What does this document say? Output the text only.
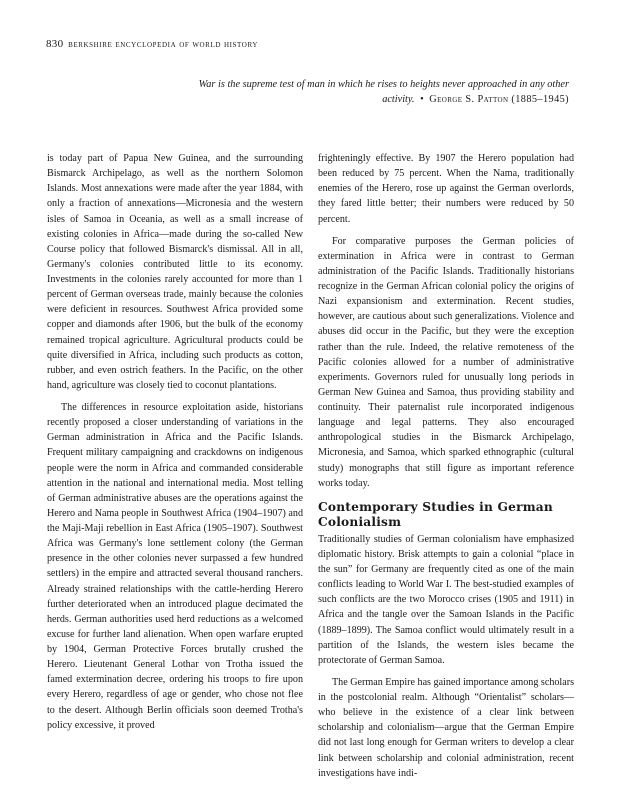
830 berkshire encyclopedia of world history
War is the supreme test of man in which he rises to heights never approached in any other activity. • George S. Patton (1885–1945)

is today part of Papua New Guinea, and the surrounding Bismarck Archipelago, as well as the northern Solomon Islands. Most annexations were made after the year 1884, with only a fraction of annexations—Micronesia and the western isles of Samoa in Oceania, as well as a small increase of existing colonies in Africa—made during the so-called New Course policy that followed Bismarck's dismissal. All in all, Germany's colonies contributed little to its economy. Investments in the colonies rarely accounted for more than 1 percent of German overseas trade, mainly because the colonies were deficient in resources. Southwest Africa provided some copper and diamonds after 1906, but the bulk of the economy remained tropical agriculture. Agricultural products could be quite diversified in Africa, including such products as cotton, rubber, and even ostrich feathers. In the Pacific, on the other hand, agriculture was closely tied to coconut plantations.

The differences in resource exploitation aside, historians recently proposed a closer understanding of variations in the German administration in Africa and the Pacific Islands. Frequent military campaigning and crackdowns on indigenous people were the norm in Africa and commanded considerable attention in the national and international media. Most telling of German administrative abuses are the operations against the Herero and Nama people in Southwest Africa (1904–1907) and the Maji-Maji rebellion in East Africa (1905–1907). Southwest Africa was Germany's lone settlement colony (the German presence in the other colonies never surpassed a few hundred settlers) in the empire and attracted several thousand ranchers. Already strained relationships with the cattle-herding Herero further deteriorated when an introduced plague decimated the herds. German authorities used herd reductions as a welcomed excuse for further land alienation. When open warfare erupted by 1904, German Protective Forces brutally crushed the Herero. Lieutenant General Lothar von Trotha issued the famed extermination decree, ordering his troops to fire upon every Herero, regardless of age or gender, who chose not flee to the desert. Although Berlin officials soon deemed Trotha's policy excessive, it proved

frighteningly effective. By 1907 the Herero population had been reduced by 75 percent. When the Nama, traditionally enemies of the Herero, rose up against the German overlords, they fared little better; their numbers were reduced by 50 percent.

For comparative purposes the German policies of extermination in Africa were in contrast to German administration of the Pacific Islands. Traditionally historians recognize in the German African colonial policy the origins of Nazi expansionism and extermination. Recent studies, however, are cautious about such generalizations. Violence and abuses did occur in the Pacific, but they were the exception rather than the rule. Indeed, the relative remoteness of the Pacific colonies allowed for a number of administrative experiments. Governors ruled for unusually long periods in German New Guinea and Samoa, thus providing stability and continuity. Their paternalist rule incorporated indigenous language and legal patterns. They also encouraged anthropological studies in the Bismarck Archipelago, Micronesia, and Samoa, which sparked ethnographic (cultural study) monographs that still figure as important reference works today.

Contemporary Studies in German Colonialism

Traditionally studies of German colonialism have emphasized diplomatic history. Brisk attempts to gain a colonial “place in the sun” for Germany are frequently cited as one of the main conflicts leading to World War I. The best-studied examples of such conflicts are the two Morocco crises (1905 and 1911) in Africa and the tangle over the Samoan Islands in the Pacific (1889–1899). The Samoa conflict would ultimately result in a partition of the Islands, the western isles became the protectorate of German Samoa.

The German Empire has gained importance among scholars in the postcolonial realm. Although “Orientalist” scholars—who believe in the existence of a clear link between scholarship and colonialism—argue that the German Empire did not last long enough for German writers to develop a clear link between scholarship and colonial administration, recent investigations have indi-
